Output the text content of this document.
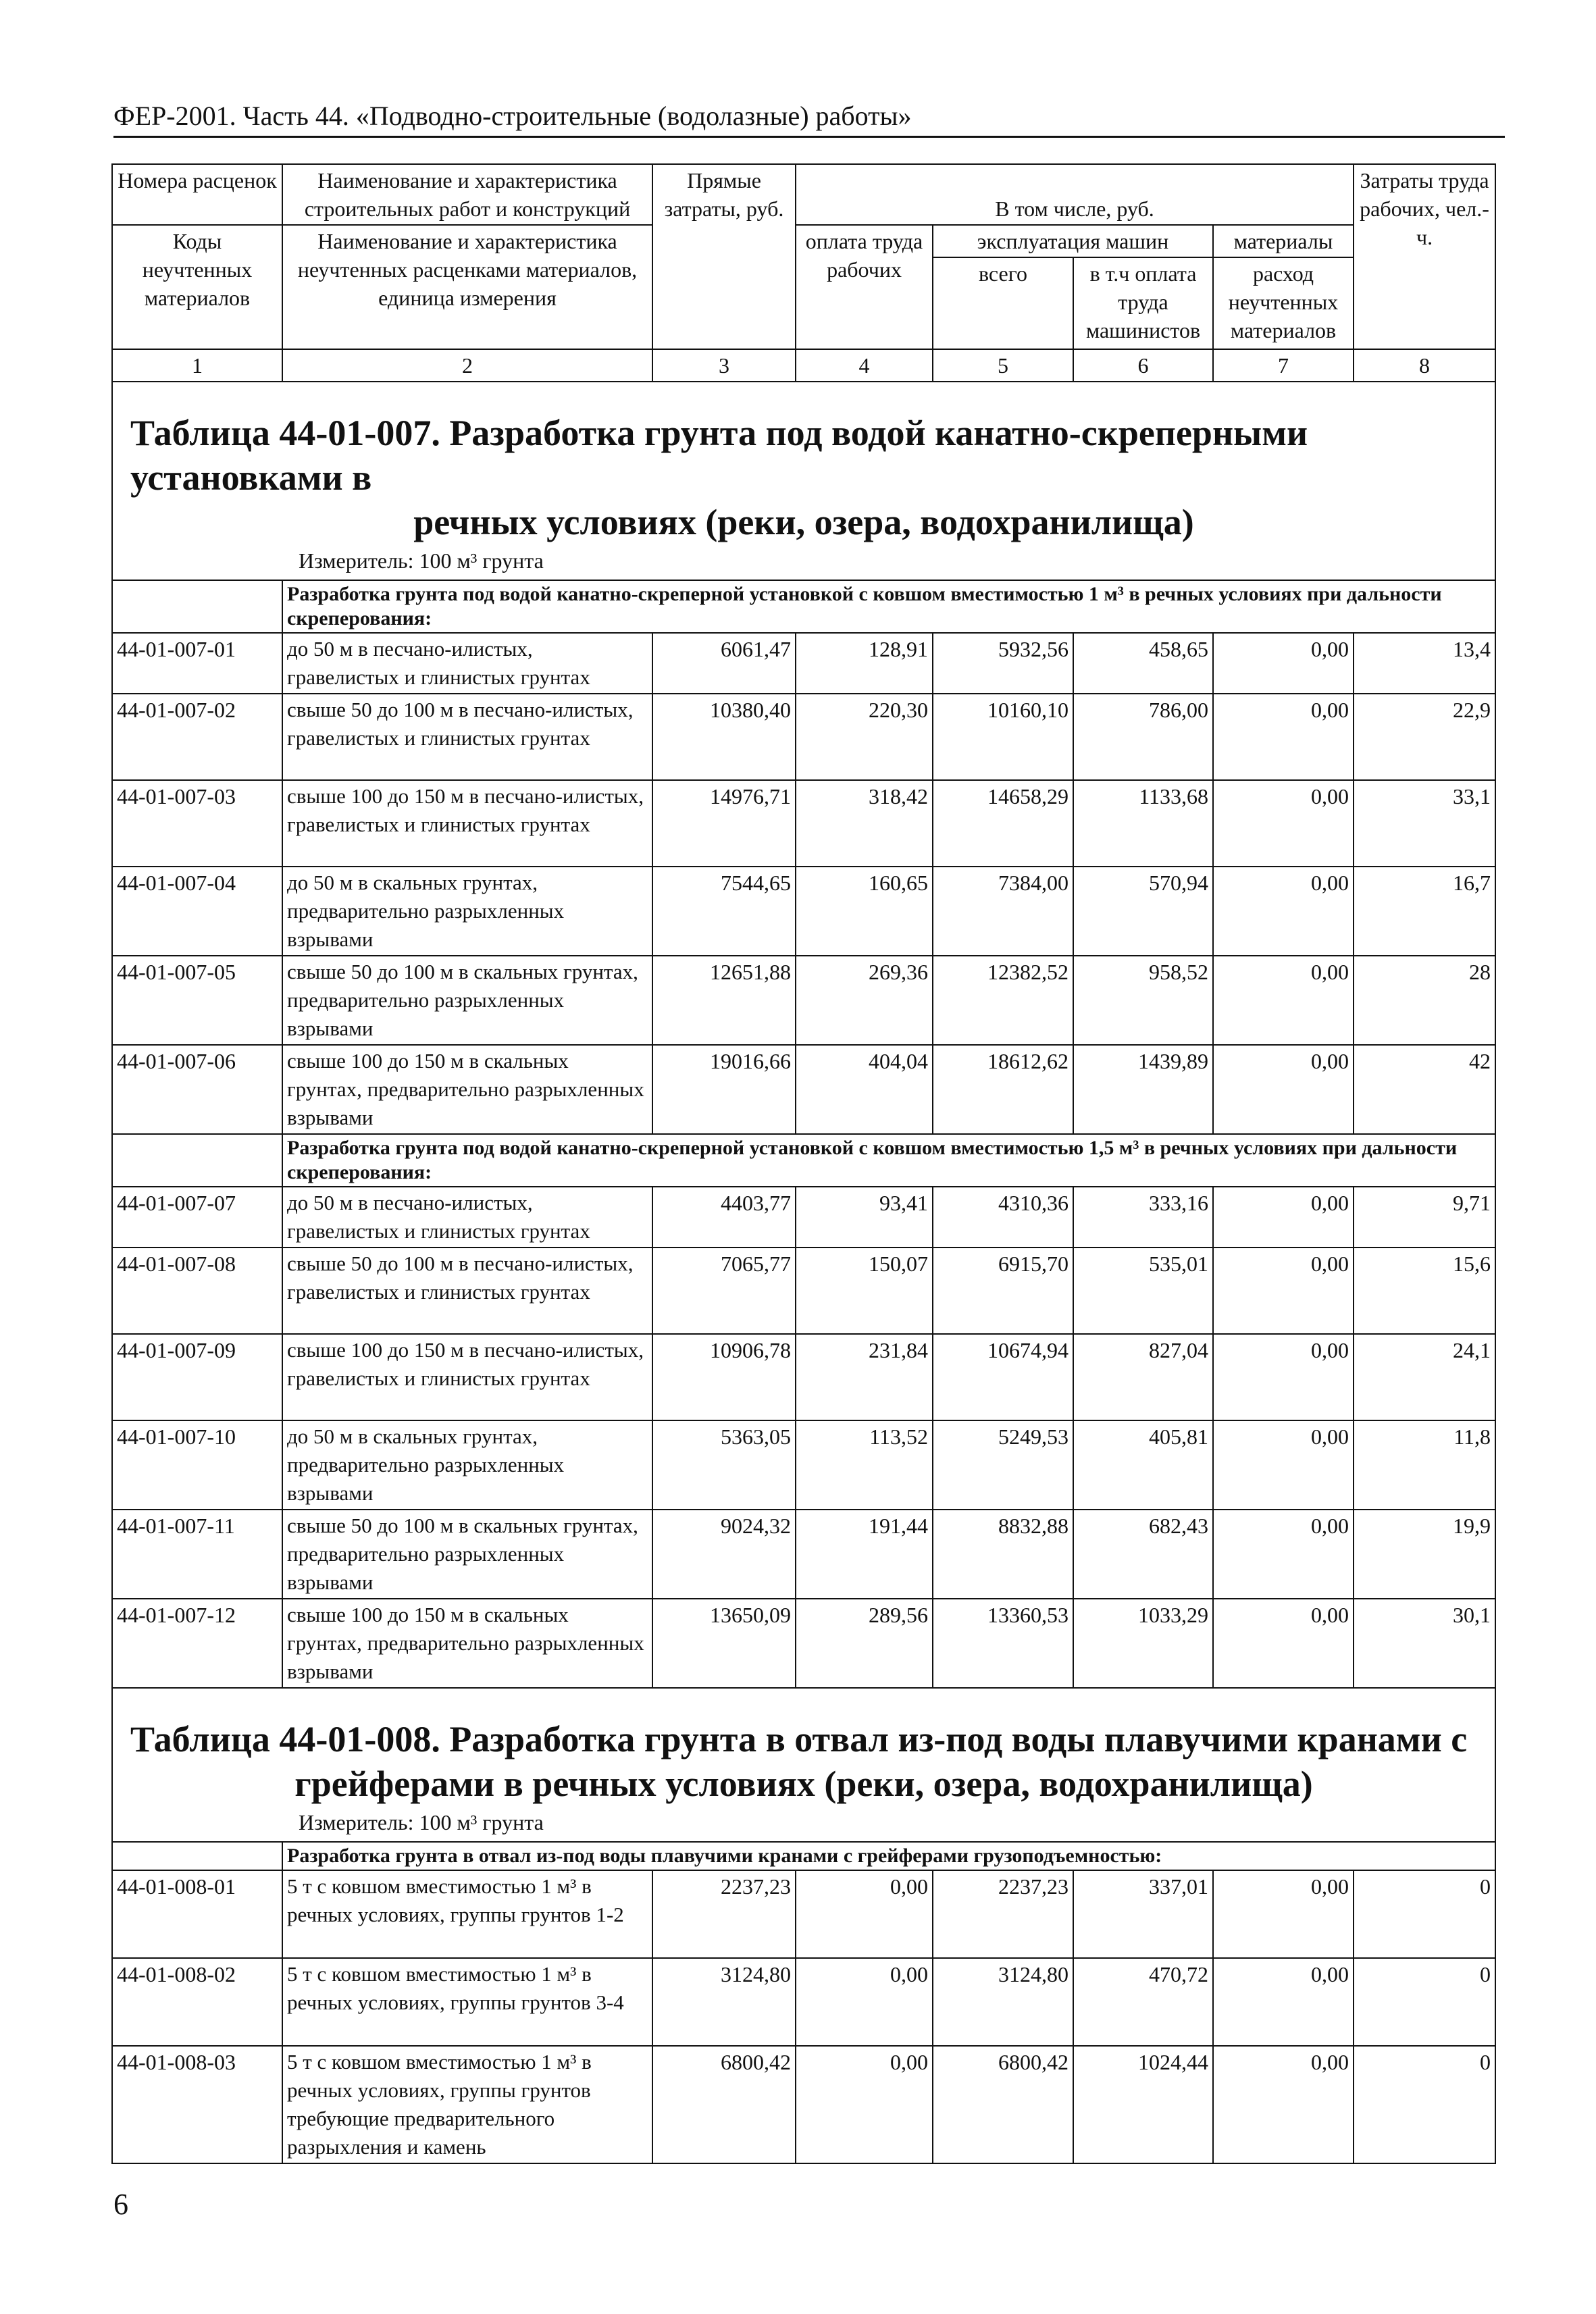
ФЕР-2001. Часть 44. «Подводно-строительные (водолазные) работы»
Номера расценок	Наименование и характеристика строительных работ и конструкций	Прямые затраты, руб.	В том числе, руб.				Затраты труда рабочих, чел.-ч.
Коды неучтенных материалов	Наименование и характеристика неучтенных расценками материалов, единица измерения		оплата труда рабочих	эксплуатация машин		материалы	
				всего	в т.ч оплата труда машинистов	расход неучтенных материалов	
1	2	3	4	5	6	7	8

Таблица 44-01-007. Разработка грунта под водой канатно-скреперными установками в
речных условиях (реки, озера, водохранилища)							

Измеритель: 100 м³ грунта							
	Разработка грунта под водой канатно-скреперной установкой с ковшом вместимостью 1 м³ в речных условиях при дальности скреперования:						
44-01-007-01	до 50 м в песчано-илистых, гравелистых и глинистых грунтах	6061,47	128,91	5932,56	458,65	0,00	13,4
44-01-007-02	свыше 50 до 100 м в песчано-илистых, гравелистых и глинистых грунтах	10380,40	220,30	10160,10	786,00	0,00	22,9
44-01-007-03	свыше 100 до 150 м в песчано-илистых, гравелистых и глинистых грунтах	14976,71	318,42	14658,29	1133,68	0,00	33,1
44-01-007-04	до 50 м в скальных грунтах, предварительно разрыхленных взрывами	7544,65	160,65	7384,00	570,94	0,00	16,7
44-01-007-05	свыше 50 до 100 м в скальных грунтах, предварительно разрыхленных взрывами	12651,88	269,36	12382,52	958,52	0,00	28
44-01-007-06	свыше 100 до 150 м в скальных грунтах, предварительно разрыхленных взрывами	19016,66	404,04	18612,62	1439,89	0,00	42
	Разработка грунта под водой канатно-скреперной установкой с ковшом вместимостью 1,5 м³ в речных условиях при дальности скреперования:						
44-01-007-07	до 50 м в песчано-илистых, гравелистых и глинистых грунтах	4403,77	93,41	4310,36	333,16	0,00	9,71
44-01-007-08	свыше 50 до 100 м в песчано-илистых, гравелистых и глинистых грунтах	7065,77	150,07	6915,70	535,01	0,00	15,6
44-01-007-09	свыше 100 до 150 м в песчано-илистых, гравелистых и глинистых грунтах	10906,78	231,84	10674,94	827,04	0,00	24,1
44-01-007-10	до 50 м в скальных грунтах, предварительно разрыхленных взрывами	5363,05	113,52	5249,53	405,81	0,00	11,8
44-01-007-11	свыше 50 до 100 м в скальных грунтах, предварительно разрыхленных взрывами	9024,32	191,44	8832,88	682,43	0,00	19,9
44-01-007-12	свыше 100 до 150 м в скальных грунтах, предварительно разрыхленных взрывами	13650,09	289,56	13360,53	1033,29	0,00	30,1

Таблица 44-01-008. Разработка грунта в отвал из-под воды плавучими кранами с
грейферами в речных условиях (реки, озера, водохранилища)							

Измеритель: 100 м³ грунта							
	Разработка грунта в отвал из-под воды плавучими кранами с грейферами грузоподъемностью:						
44-01-008-01	5 т с ковшом вместимостью 1 м³ в речных условиях, группы грунтов 1-2	2237,23	0,00	2237,23	337,01	0,00	0
44-01-008-02	5 т с ковшом вместимостью 1 м³ в речных условиях, группы грунтов 3-4	3124,80	0,00	3124,80	470,72	0,00	0
44-01-008-03	5 т с ковшом вместимостью 1 м³ в речных условиях, группы грунтов требующие предварительного разрыхления и камень	6800,42	0,00	6800,42	1024,44	0,00	0
6
